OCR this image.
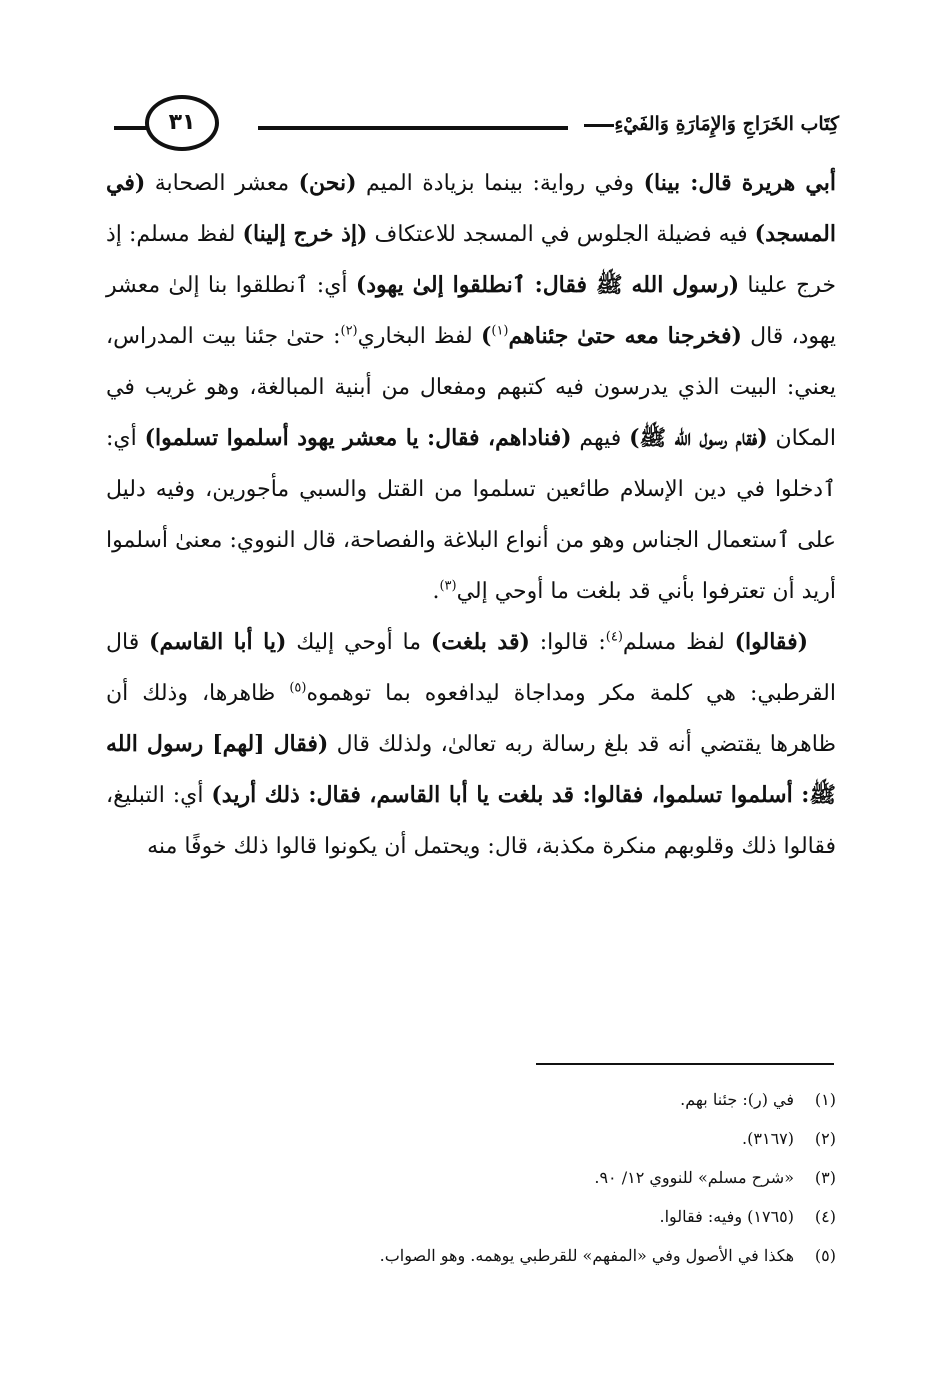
كِتَاب الخَرَاجِ وَالإِمَارَةِ وَالفَيْءِ
٣١

أبي هريرة قال: بينا) وفي رواية: بينما بزيادة الميم (نحن) معشر الصحابة (في المسجد) فيه فضيلة الجلوس في المسجد للاعتكاف (إذ خرج إلينا) لفظ مسلم: إذ خرج علينا (رسول الله ﷺ فقال: ٱنطلقوا إلىٰ يهود) أي: ٱنطلقوا بنا إلىٰ معشر يهود، قال (فخرجنا معه حتىٰ جئناهم$^{(١)}$) لفظ البخاري$^{(٢)}$: حتىٰ جئنا بيت المدراس، يعني: البيت الذي يدرسون فيه كتبهم ومفعال من أبنية المبالغة، وهو غريب في المكان (فقام رسول الله ﷺ) فيهم (فناداهم، فقال: يا معشر يهود أسلموا تسلموا) أي: ٱدخلوا في دين الإسلام طائعين تسلموا من القتل والسبي مأجورين، وفيه دليل على ٱستعمال الجناس وهو من أنواع البلاغة والفصاحة، قال النووي: معنىٰ أسلموا أريد أن تعترفوا بأني قد بلغت ما أوحي إلي$^{(٣)}$.

(فقالوا) لفظ مسلم$^{(٤)}$: قالوا: (قد بلغت) ما أوحي إليك (يا أبا القاسم) قال القرطبي: هي كلمة مكر ومداجاة ليدافعوه بما توهموه$^{(٥)}$ ظاهرها، وذلك أن ظاهرها يقتضي أنه قد بلغ رسالة ربه تعالىٰ، ولذلك قال (فقال [لهم] رسول الله ﷺ: أسلموا تسلموا، فقالوا: قد بلغت يا أبا القاسم، فقال: ذلك أريد) أي: التبليغ، فقالوا ذلك وقلوبهم منكرة مكذبة، قال: ويحتمل أن يكونوا قالوا ذلك خوفًا منه

(١)في (ر): جئنا بهم.
(٢)(٣١٦٧).
(٣)«شرح مسلم» للنووي ١٢/ ٩٠.
(٤)(١٧٦٥) وفيه: فقالوا.
(٥)هكذا في الأصول وفي «المفهم» للقرطبي يوهمه. وهو الصواب.
